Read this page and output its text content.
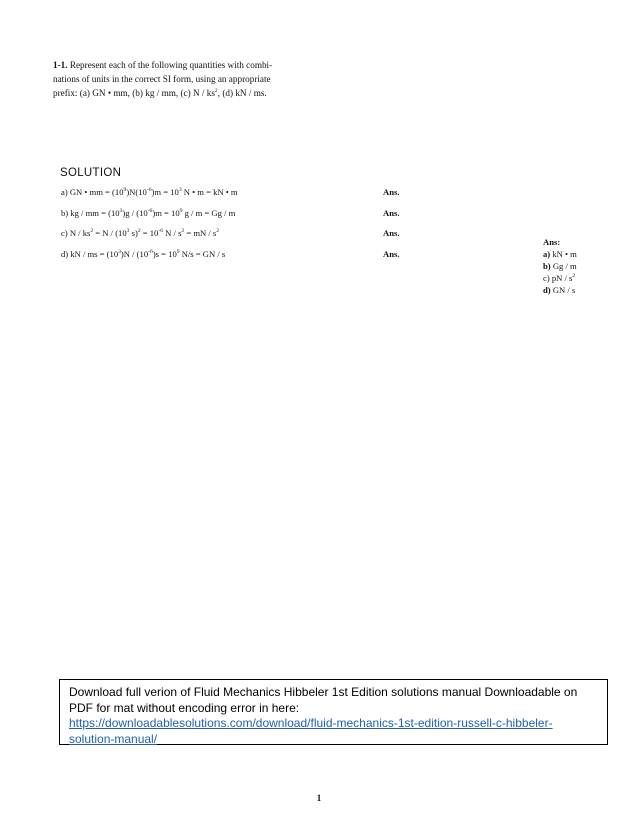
1-1. Represent each of the following quantities with combi-
nations of units in the correct SI form, using an appropriate
prefix: (a) GN • mm, (b) kg / mm, (c) N / $ks^2$, (d) kN / ms.
SOLUTION
a) GN • mm = $(10^9)N(10^{-6})m = 10^3$ N • m = kN • m	Ans.
b) kg / mm = $(10^3)g / (10^{-6})m = 10^9$ g / m = Gg / m	Ans.
c) $N / ks^2 = N / (10^3$ $s)^2 = 10^{-6}$ N / $s^2$ = mN / $s^2$	Ans.
d) kN / ms = $(10^3)N / (10^{-6})s = 10^9$ N/s = GN / s	Ans.
Ans:
a) kN • m
b) Gg / m
c) pN / $s^2$
d) GN / s
Download full verion of Fluid Mechanics Hibbeler 1st Edition solutions manual Downloadable on
PDF for mat without encoding error in here:
https://downloadablesolutions.com/download/fluid-mechanics-1st-edition-russell-c-hibbeler-
solution-manual/
1
